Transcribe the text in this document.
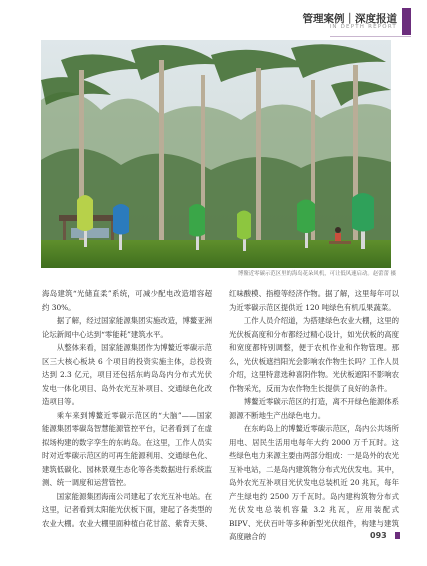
管理案例｜深度报道
IN DEPTH REPORT
博鳌近零碳示范区里的海岛花朵风机，可让低风速启动。赵蕾蕾 摄

海岛建筑“光储直柔”系统，可减少配电改造增容超约 30%。

据了解，经过国家能源集团实施改造，博鳌亚洲论坛新闻中心达到“零能耗”建筑水平。

从整体来看，国家能源集团作为博鳌近零碳示范区三大核心板块 6 个项目的投资实施主体，总投资达到 2.3 亿元，项目还包括东屿岛岛内分布式光伏发电一体化项目、岛外农光互补项目、交通绿色化改造项目等。

乘车来到博鳌近零碳示范区的“大脑”——国家能源集团零碳岛智慧能源管控平台，记者看到了在虚拟场构建的数字孪生的东屿岛。在这里，工作人员实时对近零碳示范区的可再生能源利用、交通绿色化、建筑低碳化、园林景观生态化等各类数据进行系统监测、统一调度和运营管控。

国家能源集团海南公司建起了农光互补电站。在这里，记者看到太阳能光伏板下面，建起了各类型的农业大棚。农业大棚里面种植白花甘蓝、紫背天葵、

红味酸模、指橙等经济作物。据了解，这里每年可以为近零碳示范区提供近 120 吨绿色有机瓜果蔬菜。

工作人员介绍道，为搭建绿色农业大棚，这里的光伏板高度和分布都经过精心设计，如光伏板的高度和宽度都特别调整，便于农机作业和作物管理。那么，光伏板遮挡阳光会影响农作物生长吗？工作人员介绍，这里特意选种喜阴作物。光伏板遮阳不影响农作物采光，反而为农作物生长提供了良好的条件。

博鳌近零碳示范区的打造，离不开绿色能源体系源源不断地生产出绿色电力。

在东屿岛上的博鳌近零碳示范区，岛内公共场所用电、居民生活用电每年大约 2000 万千瓦时。这些绿色电力来源主要由两部分组成：一是岛外的农光互补电站，二是岛内建筑物分布式光伏发电。其中，岛外农光互补项目光伏发电总装机近 20 兆瓦，每年产生绿电约 2500 万千瓦时。岛内建构筑物分布式光伏发电总装机容量 3.2 兆瓦，应用装配式 BIPV、光伏百叶等多种新型光伏组件，构建与建筑高度融合的	093
